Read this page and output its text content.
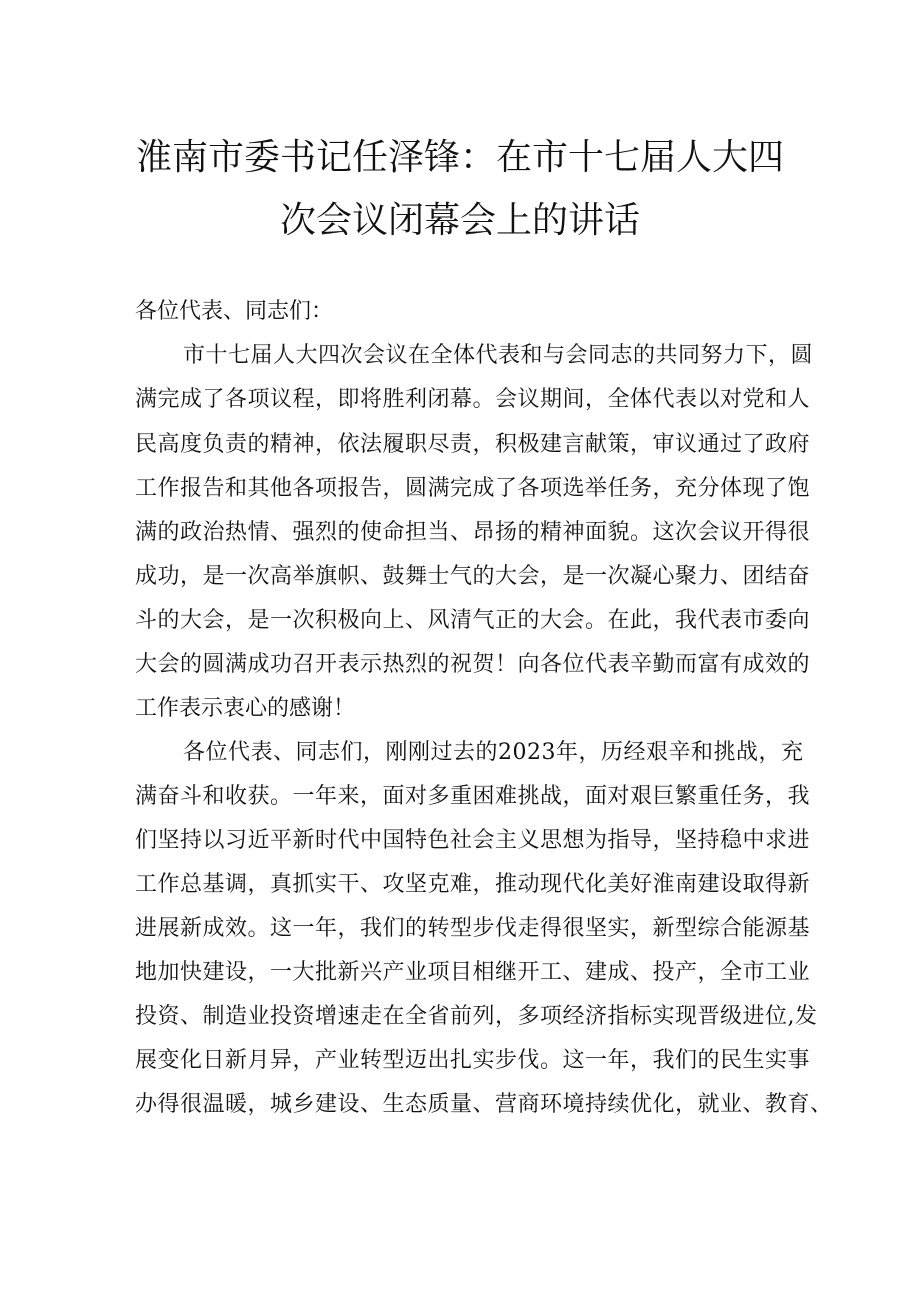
淮南市委书记任泽锋：在市十七届人大四
次会议闭幕会上的讲话
各位代表、同志们：
市十七届人大四次会议在全体代表和与会同志的共同努力下，圆
满完成了各项议程，即将胜利闭幕。会议期间，全体代表以对党和人
民高度负责的精神，依法履职尽责，积极建言献策，审议通过了政府
工作报告和其他各项报告，圆满完成了各项选举任务，充分体现了饱
满的政治热情、强烈的使命担当、昂扬的精神面貌。这次会议开得很
成功，是一次高举旗帜、鼓舞士气的大会，是一次凝心聚力、团结奋
斗的大会，是一次积极向上、风清气正的大会。在此，我代表市委向
大会的圆满成功召开表示热烈的祝贺！向各位代表辛勤而富有成效的
工作表示衷心的感谢！
各位代表、同志们，刚刚过去的2023年，历经艰辛和挑战，充
满奋斗和收获。一年来，面对多重困难挑战，面对艰巨繁重任务，我
们坚持以习近平新时代中国特色社会主义思想为指导，坚持稳中求进
工作总基调，真抓实干、攻坚克难，推动现代化美好淮南建设取得新
进展新成效。这一年，我们的转型步伐走得很坚实，新型综合能源基
地加快建设，一大批新兴产业项目相继开工、建成、投产，全市工业
投资、制造业投资增速走在全省前列，多项经济指标实现晋级进位,发
展变化日新月异，产业转型迈出扎实步伐。这一年，我们的民生实事
办得很温暖，城乡建设、生态质量、营商环境持续优化，就业、教育、
